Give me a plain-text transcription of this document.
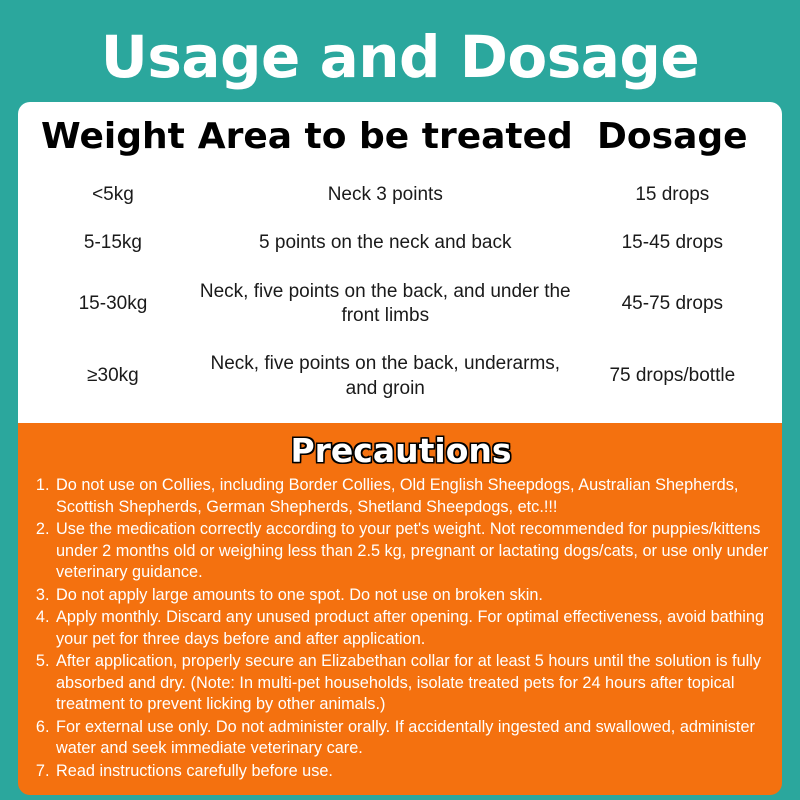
Usage and Dosage
Weight	Area to be treated	Dosage
<5kg	Neck 3 points	15 drops
5-15kg	5 points on the neck and back	15-45 drops
15-30kg	Neck, five points on the back, and under the front limbs	45-75 drops
≥30kg	Neck, five points on the back, underarms, and groin	75 drops/bottle
Precautions
1. Do not use on Collies, including Border Collies, Old English Sheepdogs, Australian Shepherds, Scottish Shepherds, German Shepherds, Shetland Sheepdogs, etc.!!!
2. Use the medication correctly according to your pet's weight. Not recommended for puppies/kittens under 2 months old or weighing less than 2.5 kg, pregnant or lactating dogs/cats, or use only under veterinary guidance.
3. Do not apply large amounts to one spot. Do not use on broken skin.
4. Apply monthly. Discard any unused product after opening. For optimal effectiveness, avoid bathing your pet for three days before and after application.
5. After application, properly secure an Elizabethan collar for at least 5 hours until the solution is fully absorbed and dry. (Note: In multi-pet households, isolate treated pets for 24 hours after topical treatment to prevent licking by other animals.)
6. For external use only. Do not administer orally. If accidentally ingested and swallowed, administer water and seek immediate veterinary care.
7. Read instructions carefully before use.
